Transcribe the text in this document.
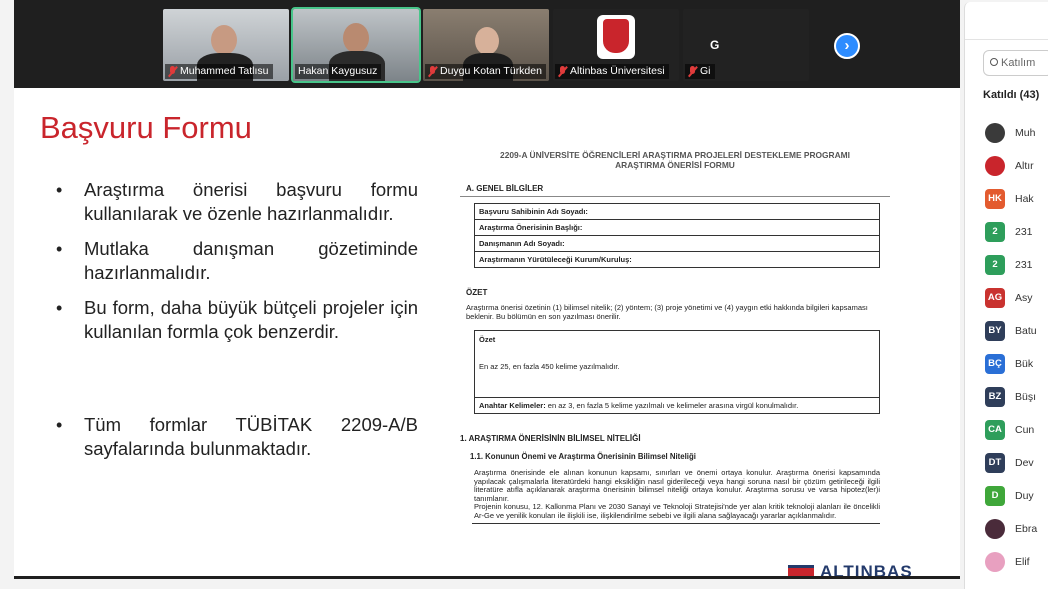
Muhammed Tatlısu	Hakan Kaygusuz	Duygu Kotan Türkden	Altinbas Üniversitesi	Gi
G	›
Başvuru Formu
• Araştırma önerisi başvuru formu kullanılarak ve özenle hazırlanmalıdır.
• Mutlaka danışman gözetiminde hazırlanmalıdır.
• Bu form, daha büyük bütçeli projeler için kullanılan formla çok benzerdir.
• Tüm formlar TÜBİTAK 2209-A/B sayfalarında bulunmaktadır.
2209-A ÜNİVERSİTE ÖĞRENCİLERİ ARAŞTIRMA PROJELERİ DESTEKLEME PROGRAMI
ARAŞTIRMA ÖNERİSİ FORMU
A. GENEL BİLGİLER
Başvuru Sahibinin Adı Soyadı:
Araştırma Önerisinin Başlığı:
Danışmanın Adı Soyadı:
Araştırmanın Yürütüleceği Kurum/Kuruluş:
ÖZET
Araştırma önerisi özetinin (1) bilimsel nitelik; (2) yöntem; (3) proje yönetimi ve (4) yaygın etki hakkında bilgileri kapsaması beklenir. Bu bölümün en son yazılması önerilir.
Özet
En az 25, en fazla 450 kelime yazılmalıdır.
Anahtar Kelimeler: en az 3, en fazla 5 kelime yazılmalı ve kelimeler arasına virgül konulmalıdır.
1. ARAŞTIRMA ÖNERİSİNİN BİLİMSEL NİTELİĞİ
1.1. Konunun Önemi ve Araştırma Önerisinin Bilimsel Niteliği
Araştırma önerisinde ele alınan konunun kapsamı, sınırları ve önemi ortaya konulur. Araştırma önerisi kapsamında yapılacak çalışmalarla literatürdeki hangi eksikliğin nasıl giderileceği veya hangi soruna nasıl bir çözüm getirileceği ilgili literatüre atıfla açıklanarak araştırma önerisinin bilimsel niteliği ortaya konulur. Araştırma sorusu ve varsa hipotez(ler)i tanımlanır.
Projenin konusu, 12. Kalkınma Planı ve 2030 Sanayi ve Teknoloji Stratejisi'nde yer alan kritik teknoloji alanları ile öncelikli Ar-Ge ve yenilik konuları ile ilişkili ise, ilişkilendirilme sebebi ve ilgili alana sağlayacağı yararlar açıklanmalıdır.
ALTINBAS
Katılım
Katıldı (43)
Muh
Altır
HK Hak
2	231
2	231
AG Asy
BY	Batu
BÇ Bük
BZ	Büşı
CA Cun
DT	Dev
D	Duy
Ebra
Elif
